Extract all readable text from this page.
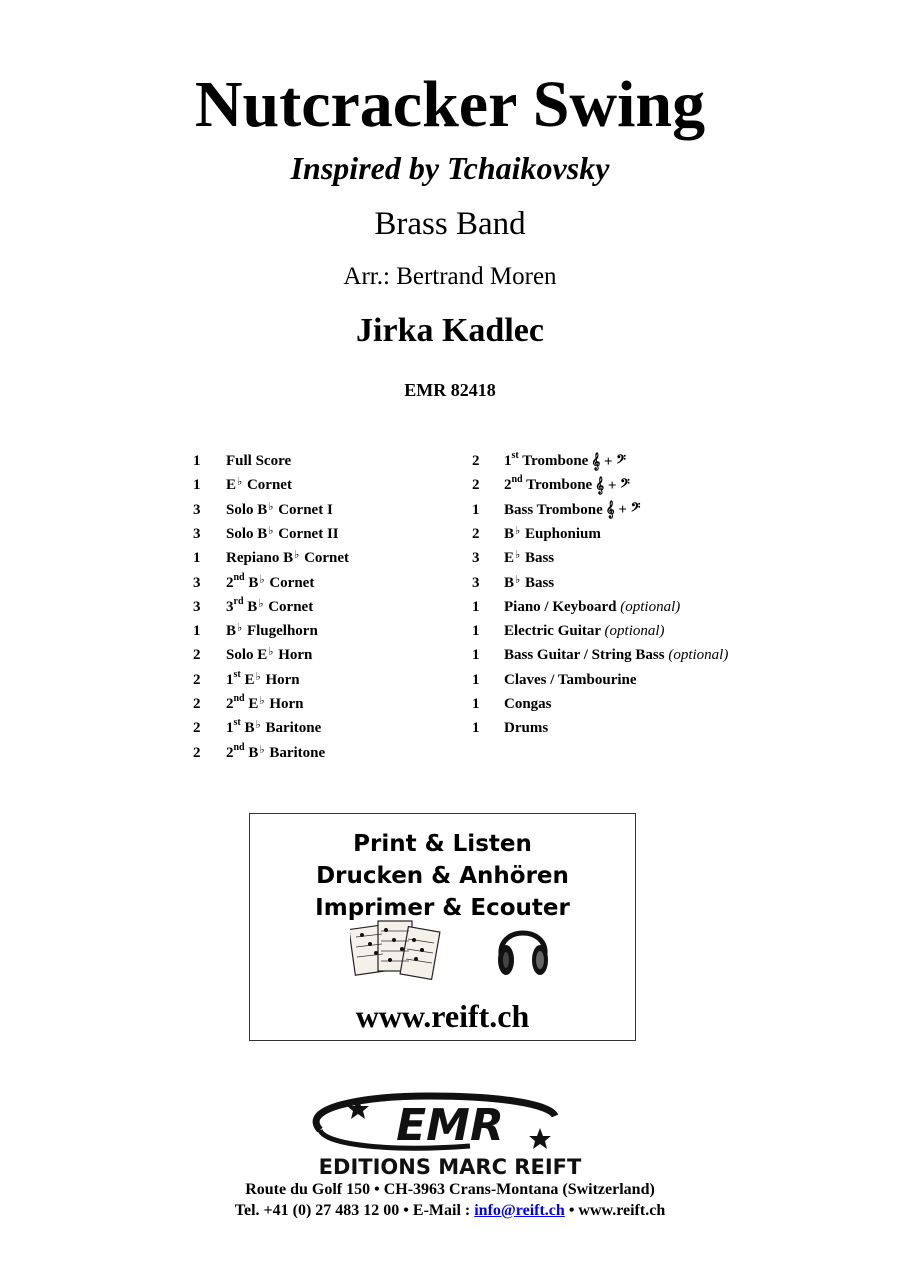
Nutcracker Swing
Inspired by Tchaikovsky
Brass Band
Arr.: Bertrand Moren
Jirka Kadlec
EMR 82418
1	Full Score
1	E♭ Cornet
3	Solo B♭ Cornet I
3	Solo B♭ Cornet II
1	Repiano B♭ Cornet
3	2nd B♭ Cornet
3	3rd B♭ Cornet
1	B♭ Flugelhorn
2	Solo E♭ Horn
2	1st E♭ Horn
2	2nd E♭ Horn
2	1st B♭ Baritone
2	2nd B♭ Baritone
2	1st Trombone 𝄞 + 𝄢
2	2nd Trombone 𝄞 + 𝄢
1	Bass Trombone 𝄞 + 𝄢
2	B♭ Euphonium
3	E♭ Bass
3	B♭ Bass
1	Piano / Keyboard (optional)
1	Electric Guitar (optional)
1	Bass Guitar / String Bass (optional)
1	Claves / Tambourine
1	Congas
1	Drums
Print & Listen
Drucken & Anhören
Imprimer & Ecouter
www.reift.ch
EMR
EDITIONS MARC REIFT
Route du Golf 150 • CH-3963 Crans-Montana (Switzerland)
Tel. +41 (0) 27 483 12 00 • E-Mail : info@reift.ch • www.reift.ch
